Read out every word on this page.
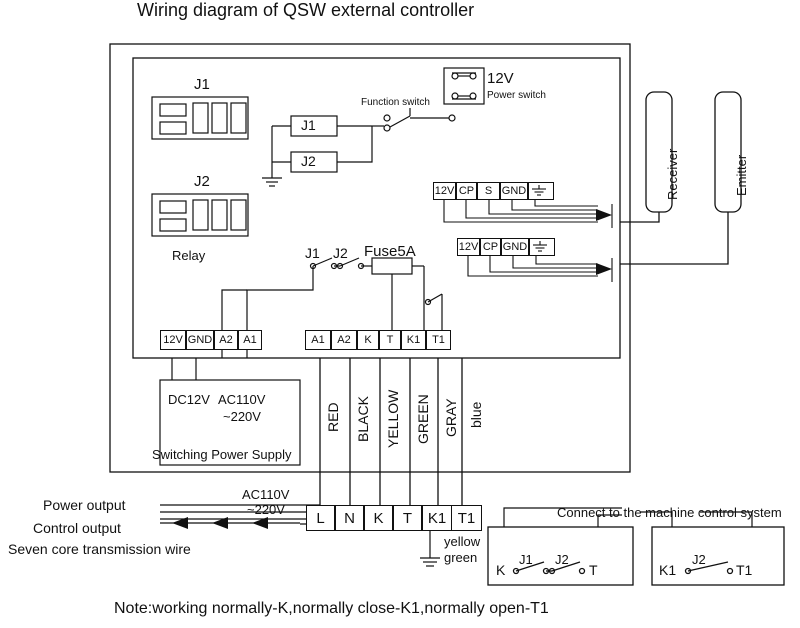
Wiring diagram of QSW external controller
J1
J2
Relay
J1
J2
Function switch
12V
Power switch
Receiver	Emitter
J1 J2 Fuse5A
DC12V AC110V
~220V
Switching Power Supply
RED BLACK YELLOW GREEN GRAY blue
AC110V
~220V
Power output
Control output
Seven core transmission wire	yellow
green
Connect to the machine control system
K
J1 J2
T	K1
J2
T1
12V CP S GND
12V CP GND
12V GND A2 A1	A1	A2	K	T	K1	T1
L	N	K	T	K1 T1
Note:working normally-K,normally close-K1,normally open-T1
